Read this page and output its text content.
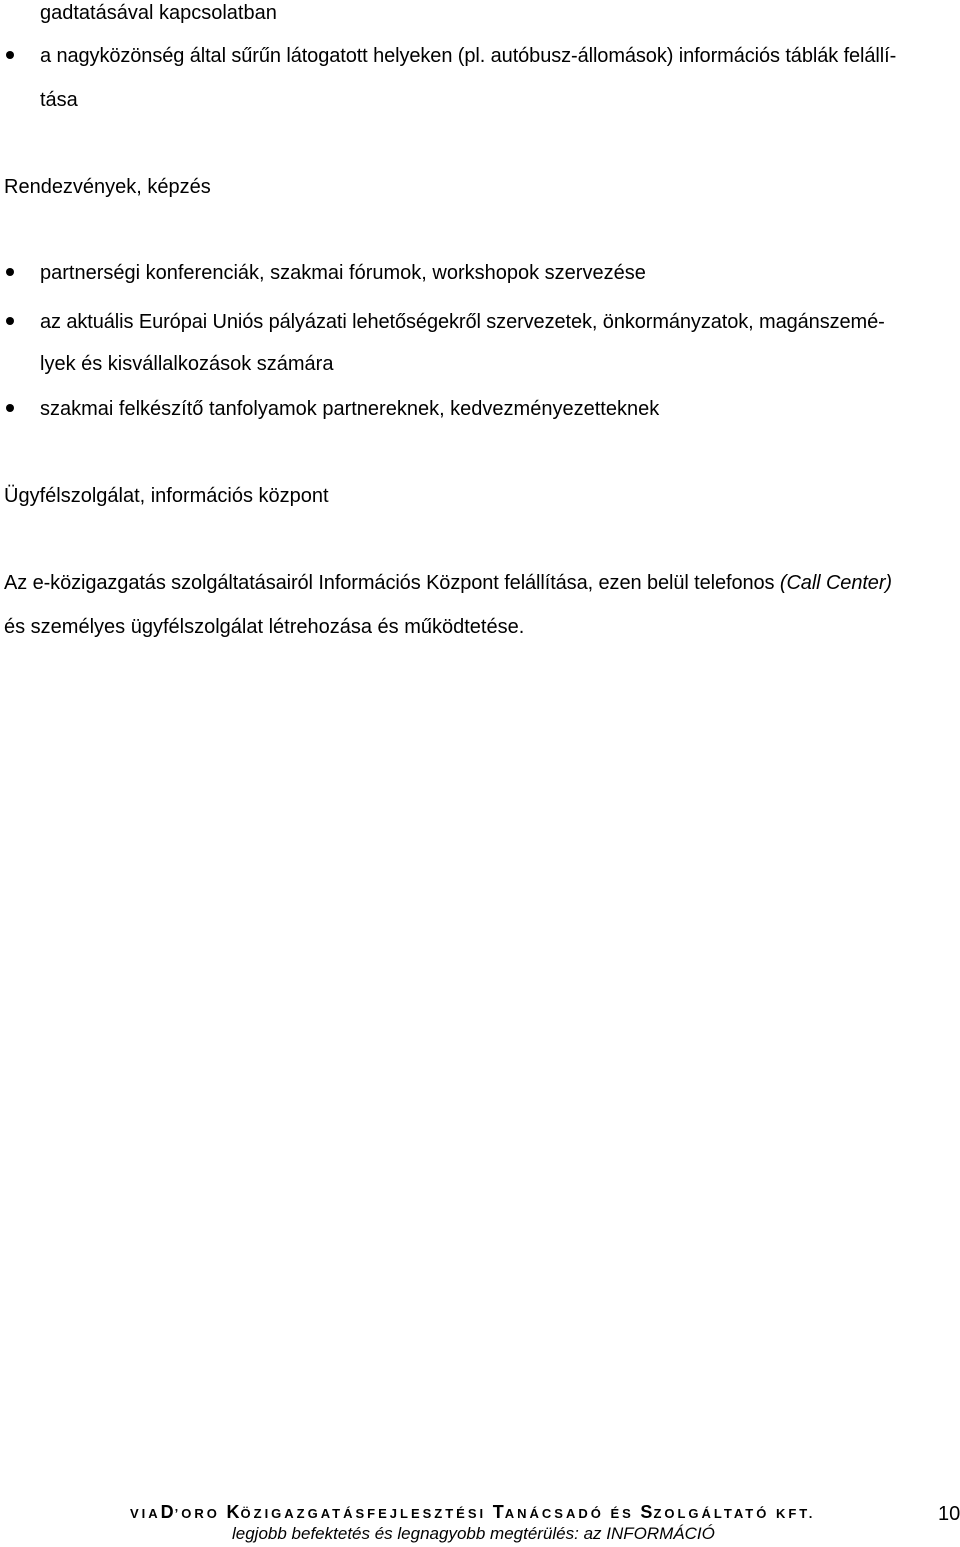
gadtatásával kapcsolatban
a nagyközönség által sűrűn látogatott helyeken (pl. autóbusz-állomások) információs táblák felállí-
tása
Rendezvények, képzés
partnerségi konferenciák, szakmai fórumok, workshopok szervezése
az aktuális Európai Uniós pályázati lehetőségekről szervezetek, önkormányzatok, magánszemé-
lyek és kisvállalkozások számára
szakmai felkészítő tanfolyamok partnereknek, kedvezményezetteknek
Ügyfélszolgálat, információs központ
Az e-közigazgatás szolgáltatásairól Információs Központ felállítása, ezen belül telefonos (Call Center)
és személyes ügyfélszolgálat létrehozása és működtetése.
VIAD’ORO KÖZIGAZGATÁSFEJLESZTÉSI TANÁCSADÓ ÉS SZOLGÁLTATÓ KFT.
legjobb befektetés és legnagyobb megtérülés: az INFORMÁCIÓ
10
